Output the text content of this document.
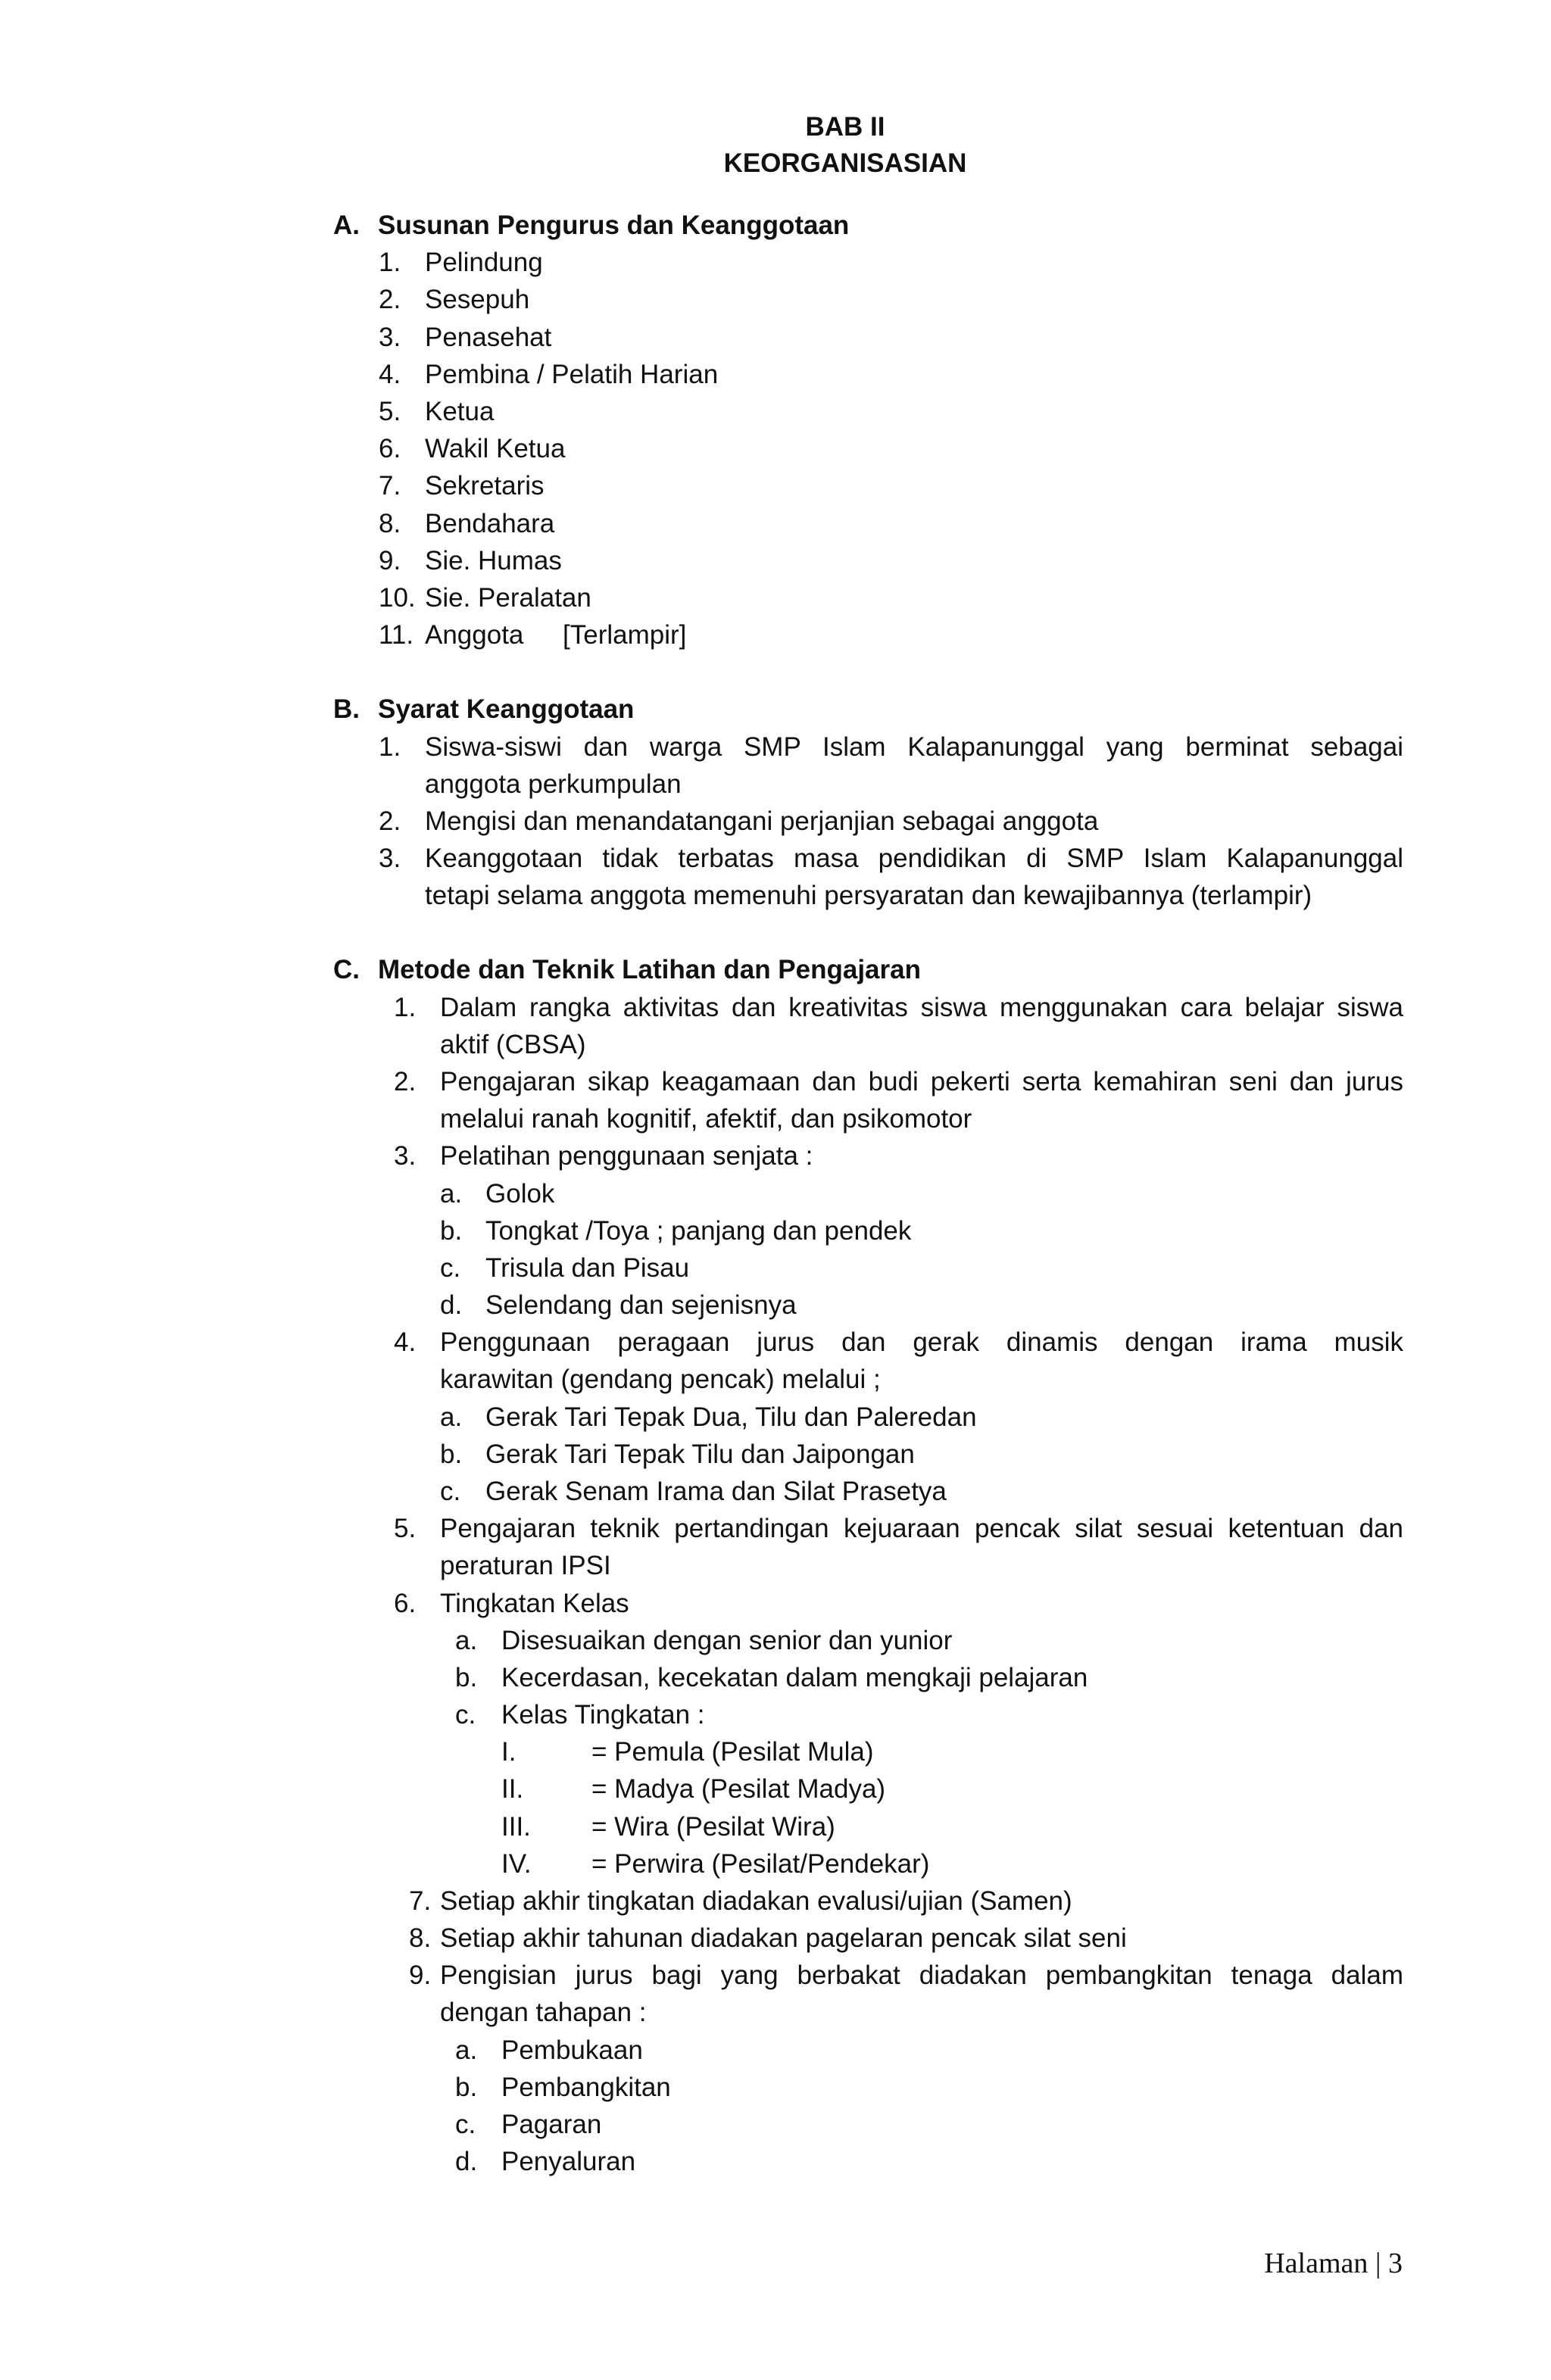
BAB II
KEORGANISASIAN
A. Susunan Pengurus dan Keanggotaan
1. Pelindung
2. Sesepuh
3. Penasehat
4. Pembina / Pelatih Harian
5. Ketua
6. Wakil Ketua
7. Sekretaris
8. Bendahara
9. Sie. Humas
10. Sie. Peralatan
11. Anggota [Terlampir]
B. Syarat Keanggotaan
1. Siswa-siswi dan warga SMP Islam Kalapanunggal yang berminat sebagai
anggota perkumpulan
2. Mengisi dan menandatangani perjanjian sebagai anggota
3. Keanggotaan tidak terbatas masa pendidikan di SMP Islam Kalapanunggal
tetapi selama anggota memenuhi persyaratan dan kewajibannya (terlampir)
C. Metode dan Teknik Latihan dan Pengajaran
1. Dalam rangka aktivitas dan kreativitas siswa menggunakan cara belajar siswa
aktif (CBSA)
2. Pengajaran sikap keagamaan dan budi pekerti serta kemahiran seni dan jurus
melalui ranah kognitif, afektif, dan psikomotor
3. Pelatihan penggunaan senjata :
a. Golok
b. Tongkat /Toya ; panjang dan pendek
c. Trisula dan Pisau
d. Selendang dan sejenisnya
4. Penggunaan peragaan jurus dan gerak dinamis dengan irama musik
karawitan (gendang pencak) melalui ;
a. Gerak Tari Tepak Dua, Tilu dan Paleredan
b. Gerak Tari Tepak Tilu dan Jaipongan
c. Gerak Senam Irama dan Silat Prasetya
5. Pengajaran teknik pertandingan kejuaraan pencak silat sesuai ketentuan dan
peraturan IPSI
6. Tingkatan Kelas
a. Disesuaikan dengan senior dan yunior
b. Kecerdasan, kecekatan dalam mengkaji pelajaran
c. Kelas Tingkatan :
I.	= Pemula (Pesilat Mula)
II.	= Madya (Pesilat Madya)
III. = Wira (Pesilat Wira)
IV. = Perwira (Pesilat/Pendekar)
7. Setiap akhir tingkatan diadakan evalusi/ujian (Samen)
8. Setiap akhir tahunan diadakan pagelaran pencak silat seni
9. Pengisian jurus bagi yang berbakat diadakan pembangkitan tenaga dalam
dengan tahapan :
a. Pembukaan
b. Pembangkitan
c. Pagaran
d. Penyaluran
Halaman | 3
